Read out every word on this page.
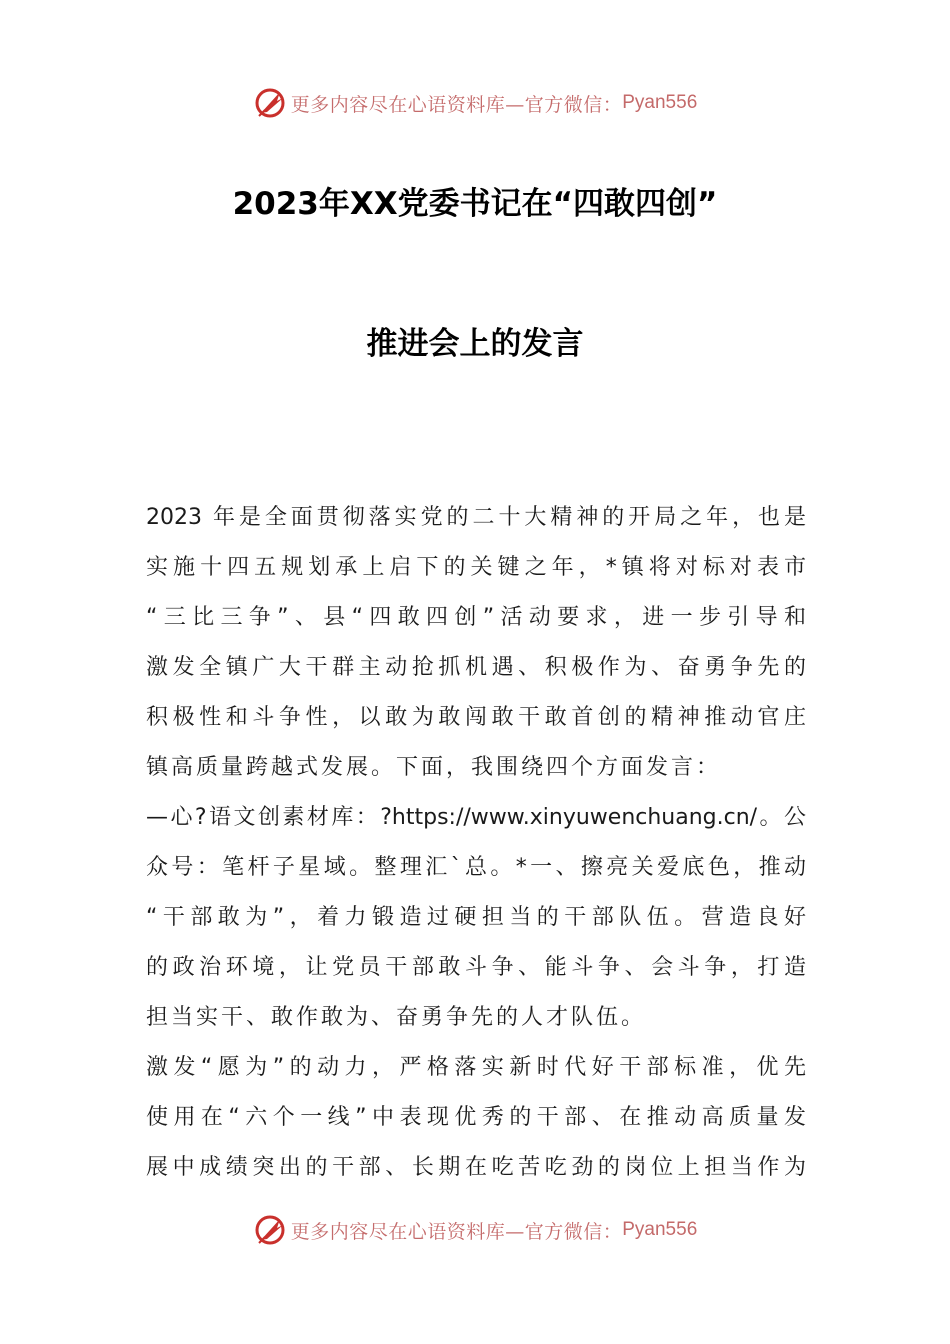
更多内容尽在心语资料库—官方微信： Pyan556
2023年XX党委书记在“四敢四创”
推进会上的发言
2023 年是全面贯彻落实党的二十大精神的开局之年，也是
实施十四五规划承上启下的关键之年，*镇将对标对表市
“三比三争”、县“四敢四创”活动要求，进一步引导和
激发全镇广大干群主动抢抓机遇、积极作为、奋勇争先的
积极性和斗争性，以敢为敢闯敢干敢首创的精神推动官庄
镇高质量跨越式发展。下面，我围绕四个方面发言：
—心?语文创素材库：?https://www.xinyuwenchuang.cn/。公
众号：笔杆子星域。整理汇`总。*一、擦亮关爱底色，推动
“干部敢为”，着力锻造过硬担当的干部队伍。营造良好
的政治环境，让党员干部敢斗争、能斗争、会斗争，打造
担当实干、敢作敢为、奋勇争先的人才队伍。
激发“愿为”的动力，严格落实新时代好干部标准，优先
使用在“六个一线”中表现优秀的干部、在推动高质量发
展中成绩突出的干部、长期在吃苦吃劲的岗位上担当作为
更多内容尽在心语资料库—官方微信： Pyan556
